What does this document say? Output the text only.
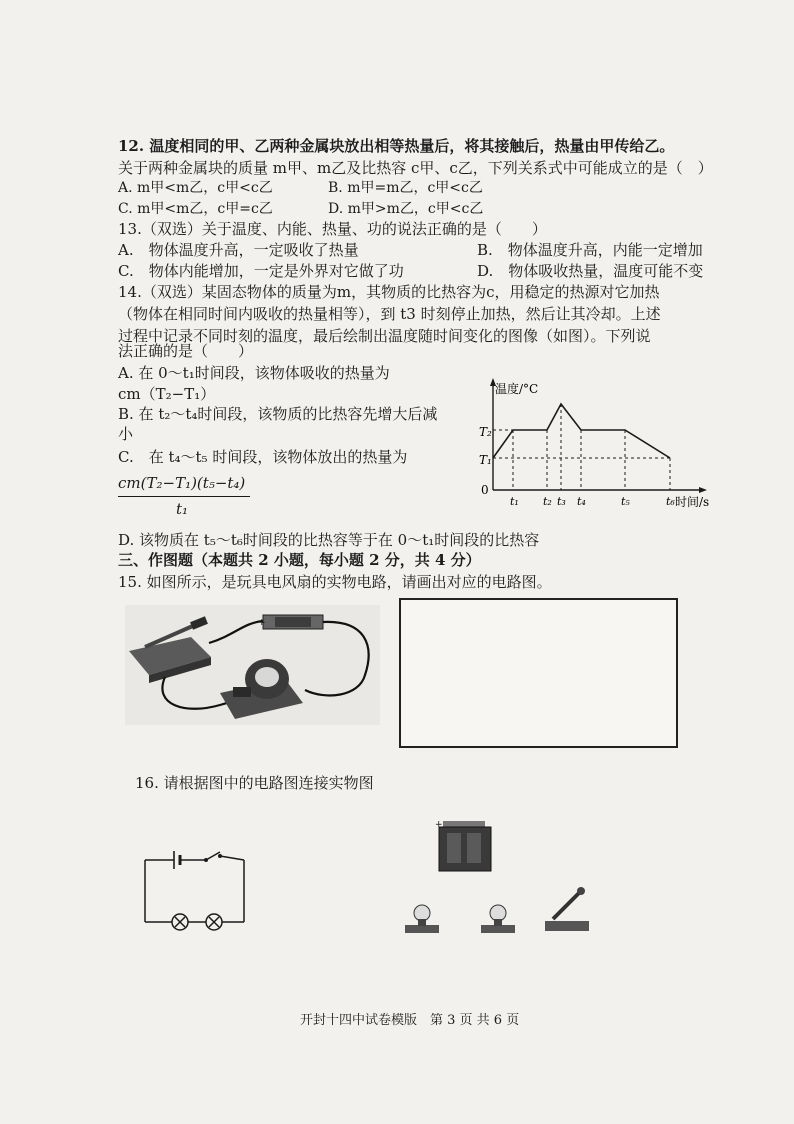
12. 温度相同的甲、乙两种金属块放出相等热量后，将其接触后，热量由甲传给乙。
关于两种金属块的质量 m甲、m乙及比热容 c甲、c乙，下列关系式中可能成立的是（　）
A. m甲<m乙，c甲<c乙	B. m甲=m乙，c甲<c乙
C. m甲<m乙，c甲=c乙	D. m甲>m乙，c甲<c乙
13.（双选）关于温度、内能、热量、功的说法正确的是（　　）
A.　物体温度升高，一定吸收了热量	B.　物体温度升高，内能一定增加
C.　物体内能增加，一定是外界对它做了功	D.　物体吸收热量，温度可能不变
14.（双选）某固态物体的质量为m，其物质的比热容为c，用稳定的热源对它加热
（物体在相同时间内吸收的热量相等），到 t3 时刻停止加热，然后让其冷却。上述
过程中记录不同时刻的温度，最后绘制出温度随时间变化的图像（如图）。下列说
法正确的是（　　）
A. 在 0～t₁时间段，该物体吸收的热量为
cm（T₂−T₁）
B. 在 t₂～t₄时间段，该物质的比热容先增大后减
小
C.　在 t₄～t₅ 时间段，该物体放出的热量为
cm(T₂−T₁)(t₅−t₄)
t₁
D. 该物质在 t₅～t₆时间段的比热容等于在 0～t₁时间段的比热容
温度/°C
时间/s
0
T₂
T₁
t₁ t₂ t₃ t₄	t₅	t₆
三、作图题（本题共 2 小题，每小题 2 分，共 4 分）
15. 如图所示，是玩具电风扇的实物电路，请画出对应的电路图。
+
16. 请根据图中的电路图连接实物图
+
开封十四中试卷模版　第 3 页 共 6 页
